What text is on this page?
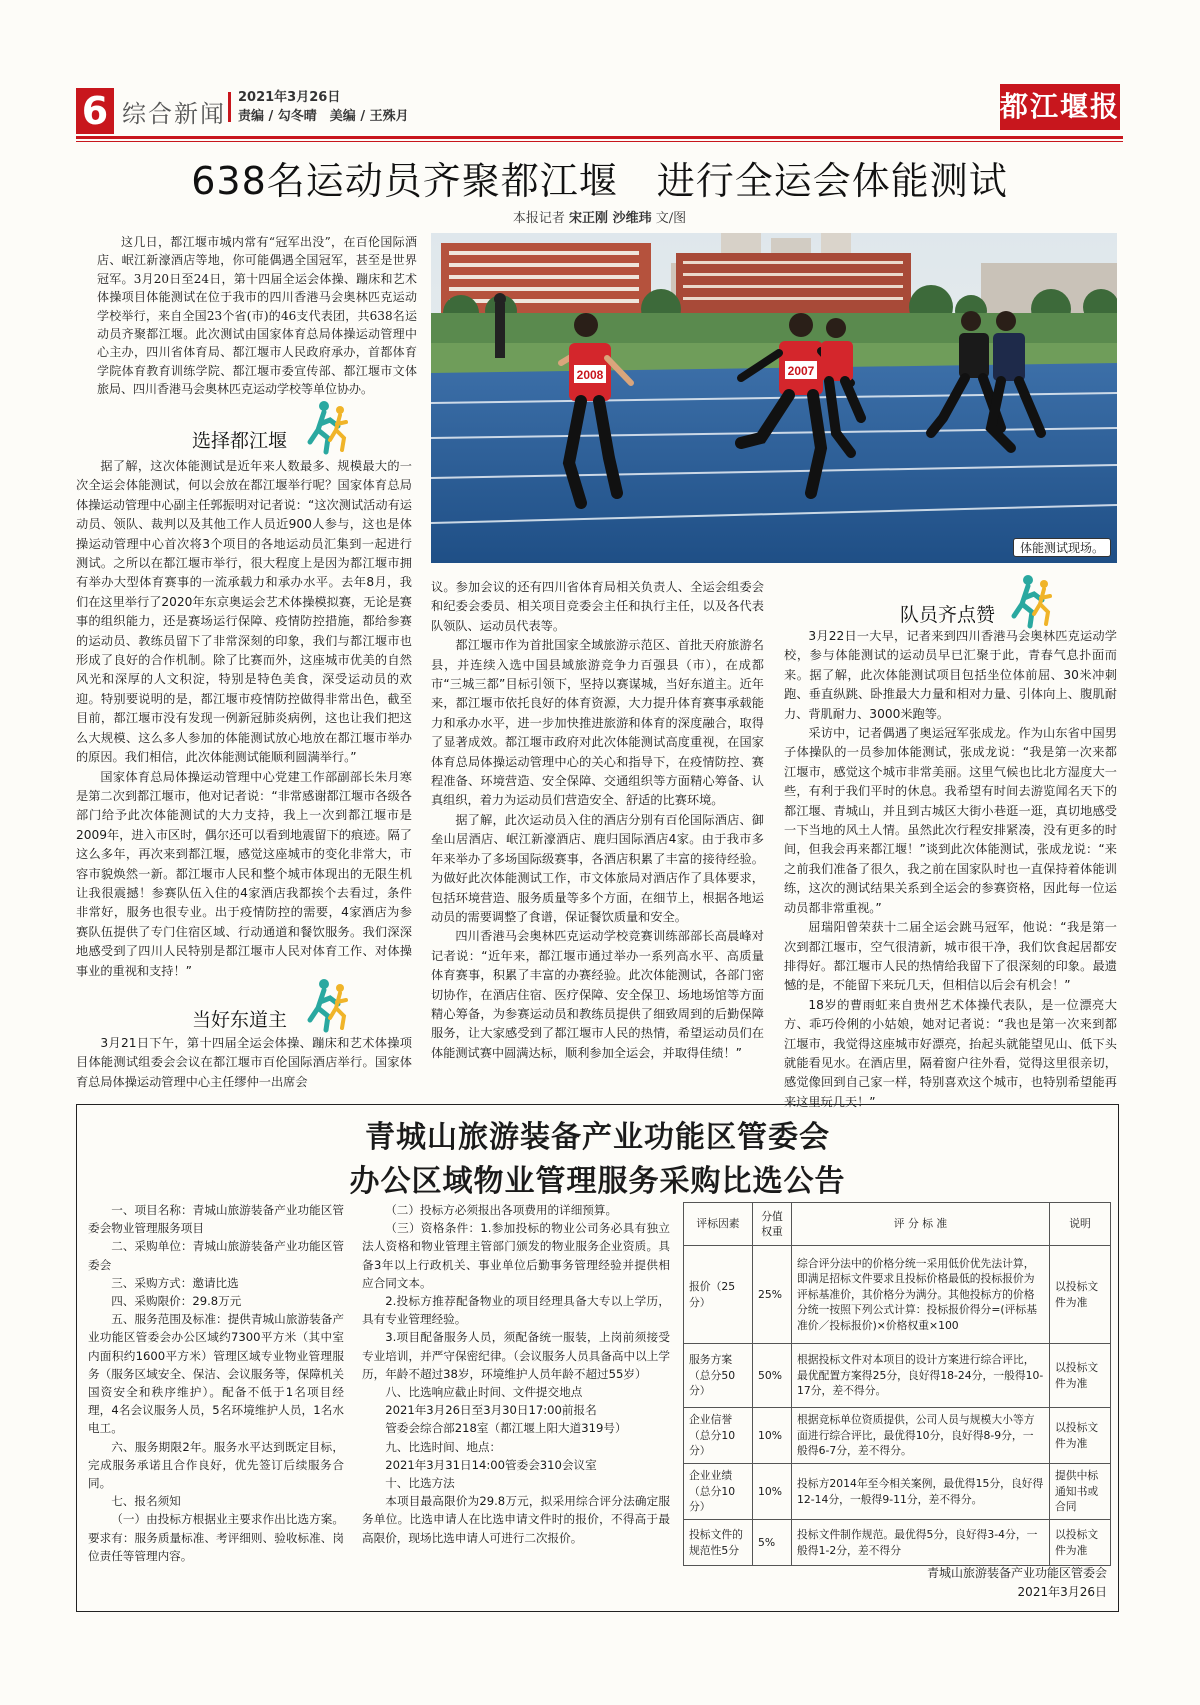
6 综合新闻
2021年3月26日
责编 / 勾冬晴　美编 / 王殊月	都江堰报
638名运动员齐聚都江堰　进行全运会体能测试
本报记者 宋正刚 沙维玮 文/图
这几日，都江堰市城内常有“冠军出没”，在百伦国际酒店、岷江新濠酒店等地，你可能偶遇全国冠军，甚至是世界冠军。3月20日至24日，第十四届全运会体操、蹦床和艺术体操项目体能测试在位于我市的四川香港马会奥林匹克运动学校举行，来自全国23个省(市)的46支代表团，共638名运动员齐聚都江堰。此次测试由国家体育总局体操运动管理中心主办，四川省体育局、都江堰市人民政府承办，首都体育学院体育教育训练学院、都江堰市委宣传部、都江堰市文体旅局、四川香港马会奥林匹克运动学校等单位协办。
选择都江堰

据了解，这次体能测试是近年来人数最多、规模最大的一次全运会体能测试，何以会放在都江堰举行呢？国家体育总局体操运动管理中心副主任郭振明对记者说：“这次测试活动有运动员、领队、裁判以及其他工作人员近900人参与，这也是体操运动管理中心首次将3个项目的各地运动员汇集到一起进行测试。之所以在都江堰市举行，很大程度上是因为都江堰市拥有举办大型体育赛事的一流承载力和承办水平。去年8月，我们在这里举行了2020年东京奥运会艺术体操模拟赛，无论是赛事的组织能力，还是赛场运行保障、疫情防控措施，都给参赛的运动员、教练员留下了非常深刻的印象，我们与都江堰市也形成了良好的合作机制。除了比赛而外，这座城市优美的自然风光和深厚的人文积淀，特别是特色美食，深受运动员的欢迎。特别要说明的是，都江堰市疫情防控做得非常出色，截至目前，都江堰市没有发现一例新冠肺炎病例，这也让我们把这么大规模、这么多人参加的体能测试放心地放在都江堰市举办的原因。我们相信，此次体能测试能顺利圆满举行。”

国家体育总局体操运动管理中心党建工作部副部长朱月寒是第二次到都江堰市，他对记者说：“非常感谢都江堰市各级各部门给予此次体能测试的大力支持，我上一次到都江堰市是2009年，进入市区时，偶尔还可以看到地震留下的痕迹。隔了这么多年，再次来到都江堰，感觉这座城市的变化非常大，市容市貌焕然一新。都江堰市人民和整个城市体现出的无限生机让我很震撼！参赛队伍入住的4家酒店我都挨个去看过，条件非常好，服务也很专业。出于疫情防控的需要，4家酒店为参赛队伍提供了专门住宿区域、行动通道和餐饮服务。我们深深地感受到了四川人民特别是都江堰市人民对体育工作、对体操事业的重视和支持！”

当好东道主

3月21日下午，第十四届全运会体操、蹦床和艺术体操项目体能测试组委会会议在都江堰市百伦国际酒店举行。国家体育总局体操运动管理中心主任缪仲一出席会

2008	2007
体能测试现场。

议。参加会议的还有四川省体育局相关负责人、全运会组委会和纪委会委员、相关项目竞委会主任和执行主任，以及各代表队领队、运动员代表等。

都江堰市作为首批国家全域旅游示范区、首批天府旅游名县，并连续入选中国县域旅游竞争力百强县（市），在成都市“三城三都”目标引领下，坚持以赛谋城，当好东道主。近年来，都江堰市依托良好的体育资源，大力提升体育赛事承载能力和承办水平，进一步加快推进旅游和体育的深度融合，取得了显著成效。都江堰市政府对此次体能测试高度重视，在国家体育总局体操运动管理中心的关心和指导下，在疫情防控、赛程准备、环境营造、安全保障、交通组织等方面精心筹备、认真组织，着力为运动员们营造安全、舒适的比赛环境。

据了解，此次运动员入住的酒店分别有百伦国际酒店、御垒山居酒店、岷江新濠酒店、鹿归国际酒店4家。由于我市多年来举办了多场国际级赛事，各酒店积累了丰富的接待经验。为做好此次体能测试工作，市文体旅局对酒店作了具体要求，包括环境营造、服务质量等多个方面，在细节上，根据各地运动员的需要调整了食谱，保证餐饮质量和安全。

四川香港马会奥林匹克运动学校竞赛训练部部长高晨峰对记者说：“近年来，都江堰市通过举办一系列高水平、高质量体育赛事，积累了丰富的办赛经验。此次体能测试，各部门密切协作，在酒店住宿、医疗保障、安全保卫、场地场馆等方面精心筹备，为参赛运动员和教练员提供了细致周到的后勤保障服务，让大家感受到了都江堰市人民的热情，希望运动员们在体能测试赛中圆满达标，顺利参加全运会，并取得佳绩！”

队员齐点赞

3月22日一大早，记者来到四川香港马会奥林匹克运动学校，参与体能测试的运动员早已汇聚于此，青春气息扑面而来。据了解，此次体能测试项目包括坐位体前屈、30米冲刺跑、垂直纵跳、卧推最大力量和相对力量、引体向上、腹肌耐力、背肌耐力、3000米跑等。

采访中，记者偶遇了奥运冠军张成龙。作为山东省中国男子体操队的一员参加体能测试，张成龙说：“我是第一次来都江堰市，感觉这个城市非常美丽。这里气候也比北方湿度大一些，有利于我们平时的休息。我希望有时间去游览闻名天下的都江堰、青城山，并且到古城区大街小巷逛一逛，真切地感受一下当地的风土人情。虽然此次行程安排紧凑，没有更多的时间，但我会再来都江堰！”谈到此次体能测试，张成龙说：“来之前我们准备了很久，我之前在国家队时也一直保持着体能训练，这次的测试结果关系到全运会的参赛资格，因此每一位运动员都非常重视。”

屈瑞阳曾荣获十二届全运会跳马冠军，他说：“我是第一次到都江堰市，空气很清新，城市很干净，我们饮食起居都安排得好。都江堰市人民的热情给我留下了很深刻的印象。最遗憾的是，不能留下来玩几天，但相信以后会有机会！”

18岁的曹雨虹来自贵州艺术体操代表队，是一位漂亮大方、乖巧伶俐的小姑娘，她对记者说：“我也是第一次来到都江堰市，我觉得这座城市好漂亮，抬起头就能望见山、低下头就能看见水。在酒店里，隔着窗户往外看，觉得这里很亲切，感觉像回到自己家一样，特别喜欢这个城市，也特别希望能再来这里玩几天！”

青城山旅游装备产业功能区管委会
办公区域物业管理服务采购比选公告

一、项目名称：青城山旅游装备产业功能区管委会物业管理服务项目

二、采购单位：青城山旅游装备产业功能区管委会

三、采购方式：邀请比选

四、采购限价：29.8万元

五、服务范围及标准：提供青城山旅游装备产业功能区管委会办公区域约7300平方米（其中室内面积约1600平方米）管理区域专业物业管理服务（服务区域安全、保洁、会议服务等，保障机关国资安全和秩序维护）。配备不低于1名项目经理，4名会议服务人员，5名环境维护人员，1名水电工。

六、服务期限2年。服务水平达到既定目标，完成服务承诺且合作良好，优先签订后续服务合同。

七、报名须知

（一）由投标方根据业主要求作出比选方案。要求有：服务质量标准、考评细则、验收标准、岗位责任等管理内容。

（二）投标方必须报出各项费用的详细预算。

（三）资格条件：1.参加投标的物业公司务必具有独立法人资格和物业管理主管部门颁发的物业服务企业资质。具备3年以上行政机关、事业单位后勤事务管理经验并提供相应合同文本。

2.投标方推荐配备物业的项目经理具备大专以上学历，具有专业管理经验。

3.项目配备服务人员，须配备统一服装，上岗前须接受专业培训，并严守保密纪律。（会议服务人员具备高中以上学历，年龄不超过38岁，环境维护人员年龄不超过55岁）

八、比选响应截止时间、文件提交地点

2021年3月26日至3月30日17:00前报名

管委会综合部218室（都江堰上阳大道319号）

九、比选时间、地点：

2021年3月31日14:00管委会310会议室

十、比选方法

本项目最高限价为29.8万元，拟采用综合评分法确定服务单位。比选申请人在比选申请文件时的报价，不得高于最高限价，现场比选申请人可进行二次报价。

评标因素	分值权重	评 分 标 准	说明
报价（25分）	25%	综合评分法中的价格分统一采用低价优先法计算，即满足招标文件要求且投标价格最低的投标报价为评标基准价，其价格分为满分。其他投标方的价格分统一按照下列公式计算：投标报价得分=(评标基准价／投标报价)×价格权重×100	以投标文件为准
服务方案（总分50分）	50%	根据投标文件对本项目的设计方案进行综合评比，最优配置方案得25分，良好得18-24分，一般得10-17分，差不得分。	以投标文件为准
企业信誉（总分10分）	10%	根据竞标单位资质提供，公司人员与规模大小等方面进行综合评比，最优得10分，良好得8-9分，一般得6-7分，差不得分。	以投标文件为准
企业业绩（总分10分）	10%	投标方2014年至今相关案例，最优得15分，良好得12-14分，一般得9-11分，差不得分。	提供中标通知书或合同
投标文件的规范性5分	5%	投标文件制作规范。最优得5分，良好得3-4分，一般得1-2分，差不得分	以投标文件为准
青城山旅游装备产业功能区管委会
2021年3月26日
